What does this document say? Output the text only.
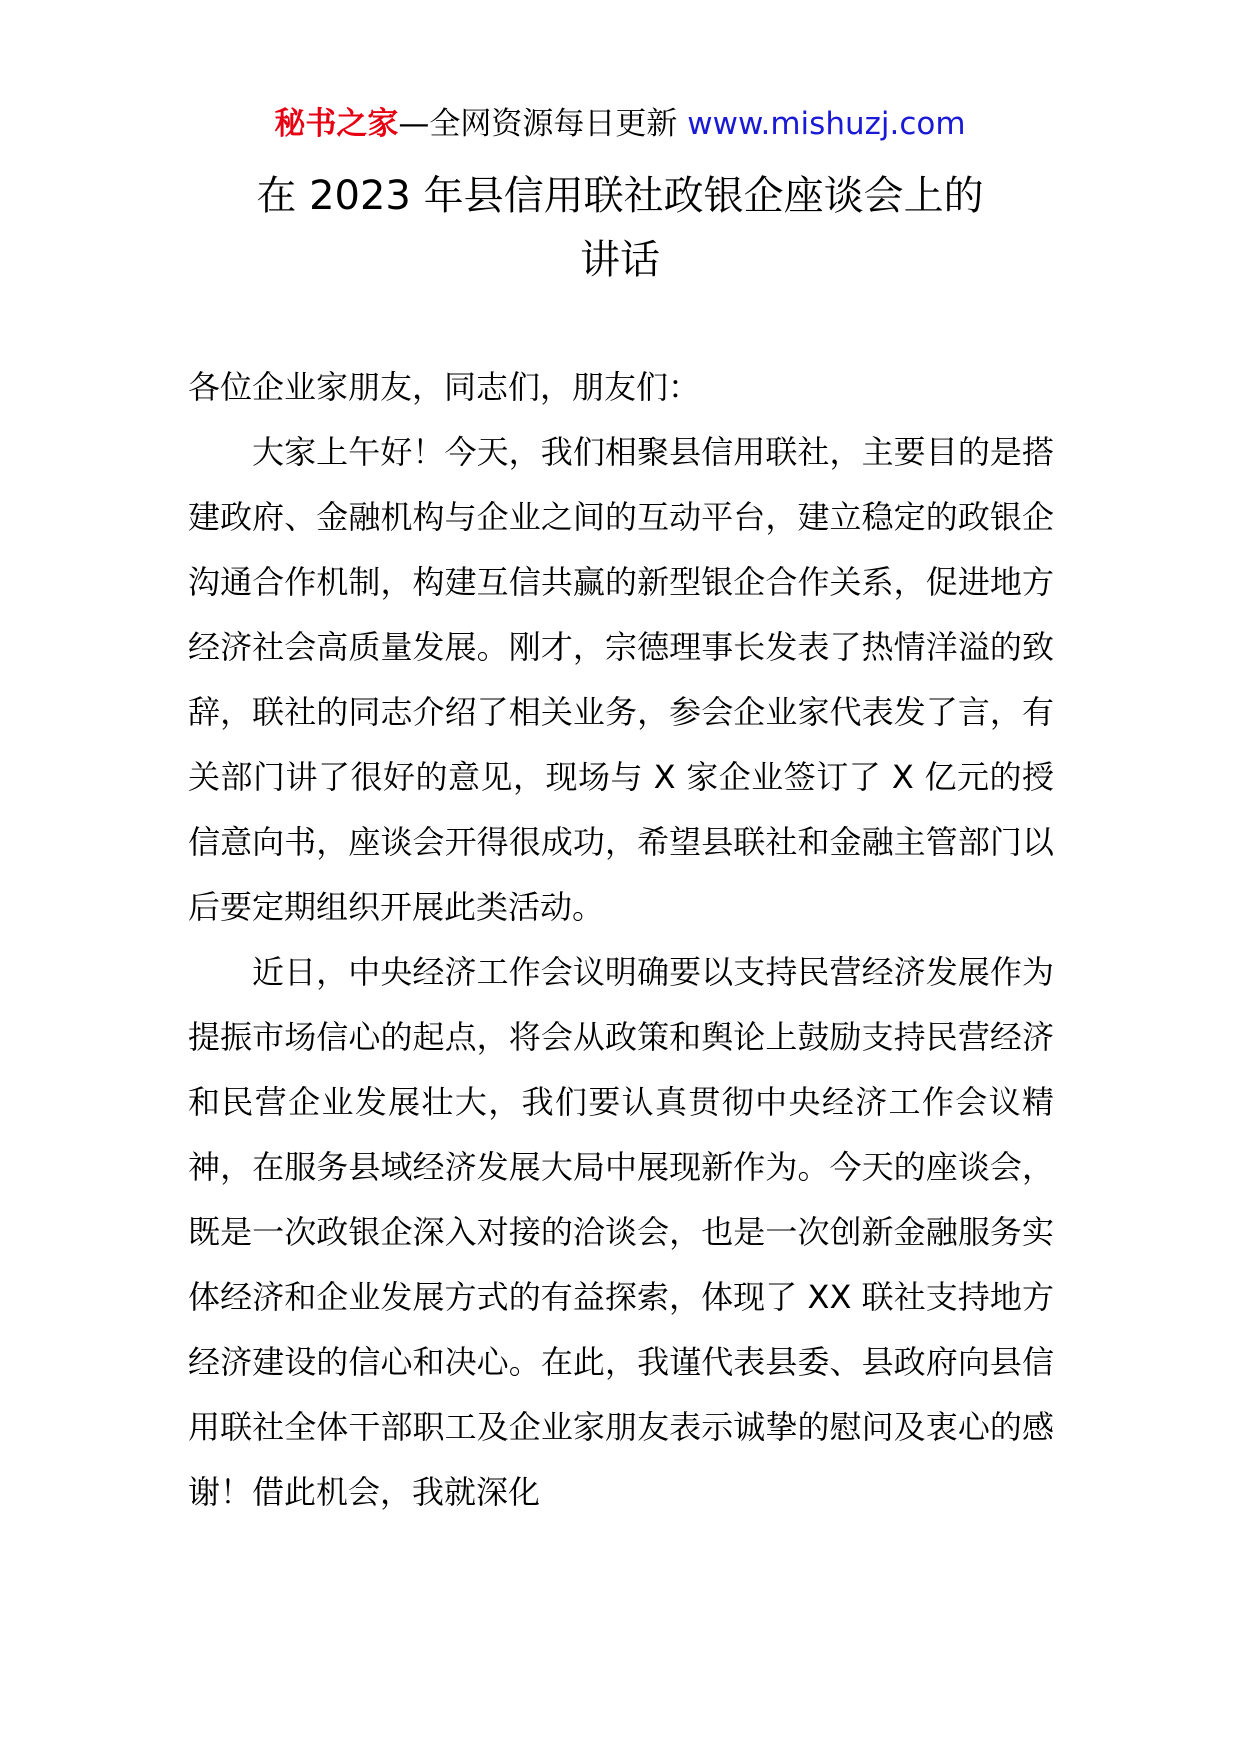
秘书之家—全网资源每日更新 www.mishuzj.com
在 2023 年县信用联社政银企座谈会上的
讲话

各位企业家朋友，同志们，朋友们：

大家上午好！今天，我们相聚县信用联社，主要目的是搭建政府、金融机构与企业之间的互动平台，建立稳定的政银企沟通合作机制，构建互信共赢的新型银企合作关系，促进地方经济社会高质量发展。刚才，宗德理事长发表了热情洋溢的致辞，联社的同志介绍了相关业务，参会企业家代表发了言，有关部门讲了很好的意见，现场与 X 家企业签订了 X 亿元的授信意向书，座谈会开得很成功，希望县联社和金融主管部门以后要定期组织开展此类活动。

近日，中央经济工作会议明确要以支持民营经济发展作为提振市场信心的起点，将会从政策和舆论上鼓励支持民营经济和民营企业发展壮大，我们要认真贯彻中央经济工作会议精神，在服务县域经济发展大局中展现新作为。今天的座谈会，既是一次政银企深入对接的洽谈会，也是一次创新金融服务实体经济和企业发展方式的有益探索，体现了 XX 联社支持地方经济建设的信心和决心。在此，我谨代表县委、县政府向县信用联社全体干部职工及企业家朋友表示诚挚的慰问及衷心的感谢！借此机会，我就深化
